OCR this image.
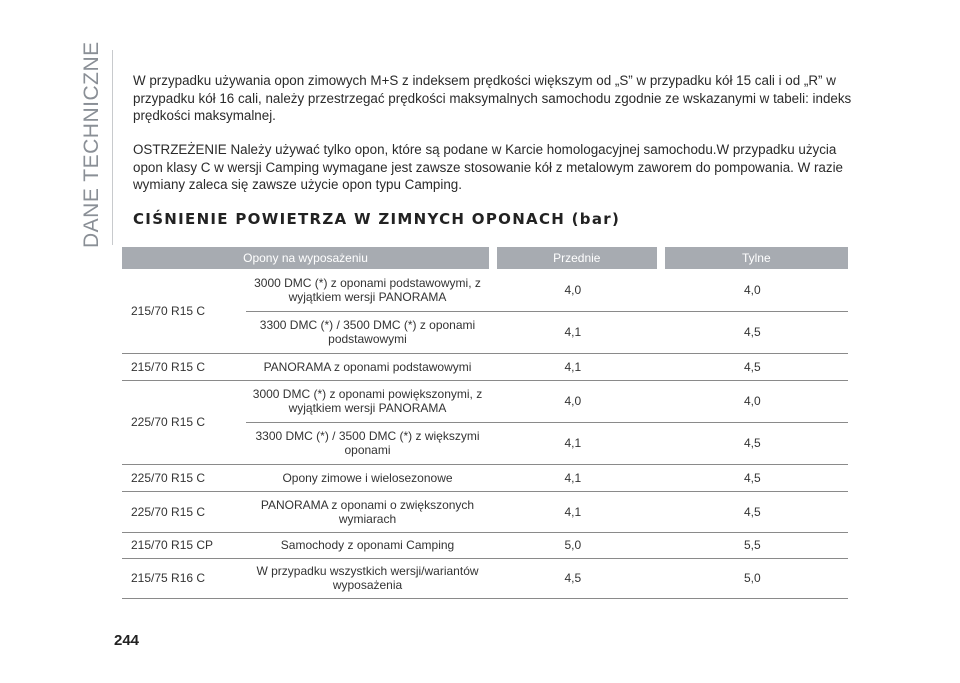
DANE TECHNICZNE W przypadku używania opon zimowych M+S z indeksem prędkości większym od „S” w przypadku kół 15 cali i od „R” w przypadku kół 16 cali, należy przestrzegać prędkości maksymalnych samochodu zgodnie ze wskazanymi w tabeli: indeks prędkości maksymalnej.

OSTRZEŻENIE Należy używać tylko opon, które są podane w Karcie homologacyjnej samochodu.W przypadku użycia opon klasy C w wersji Camping wymagane jest zawsze stosowanie kół z metalowym zaworem do pompowania. W razie wymiany zaleca się zawsze użycie opon typu Camping.

CIŚNIENIE POWIETRZA W ZIMNYCH OPONACH (bar)
Opony na wyposażeniu			Przednie		Tylne
215/70 R15 C	3000 DMC (*) z oponami podstawowymi, z wyjątkiem wersji PANORAMA	4,0		4,0	
	3300 DMC (*) / 3500 DMC (*) z oponami podstawowymi	4,1		4,5	
215/70 R15 C	PANORAMA z oponami podstawowymi	4,1		4,5	
225/70 R15 C	3000 DMC (*) z oponami powiększonymi, z wyjątkiem wersji PANORAMA	4,0		4,0	
	3300 DMC (*) / 3500 DMC (*) z większymi oponami	4,1		4,5	
225/70 R15 C	Opony zimowe i wielosezonowe	4,1		4,5	
225/70 R15 C	PANORAMA z oponami o zwiększonych wymiarach	4,1		4,5	
215/70 R15 CP	Samochody z oponami Camping	5,0		5,5	
215/75 R16 C	W przypadku wszystkich wersji/wariantów wyposażenia	4,5		5,0	
244
